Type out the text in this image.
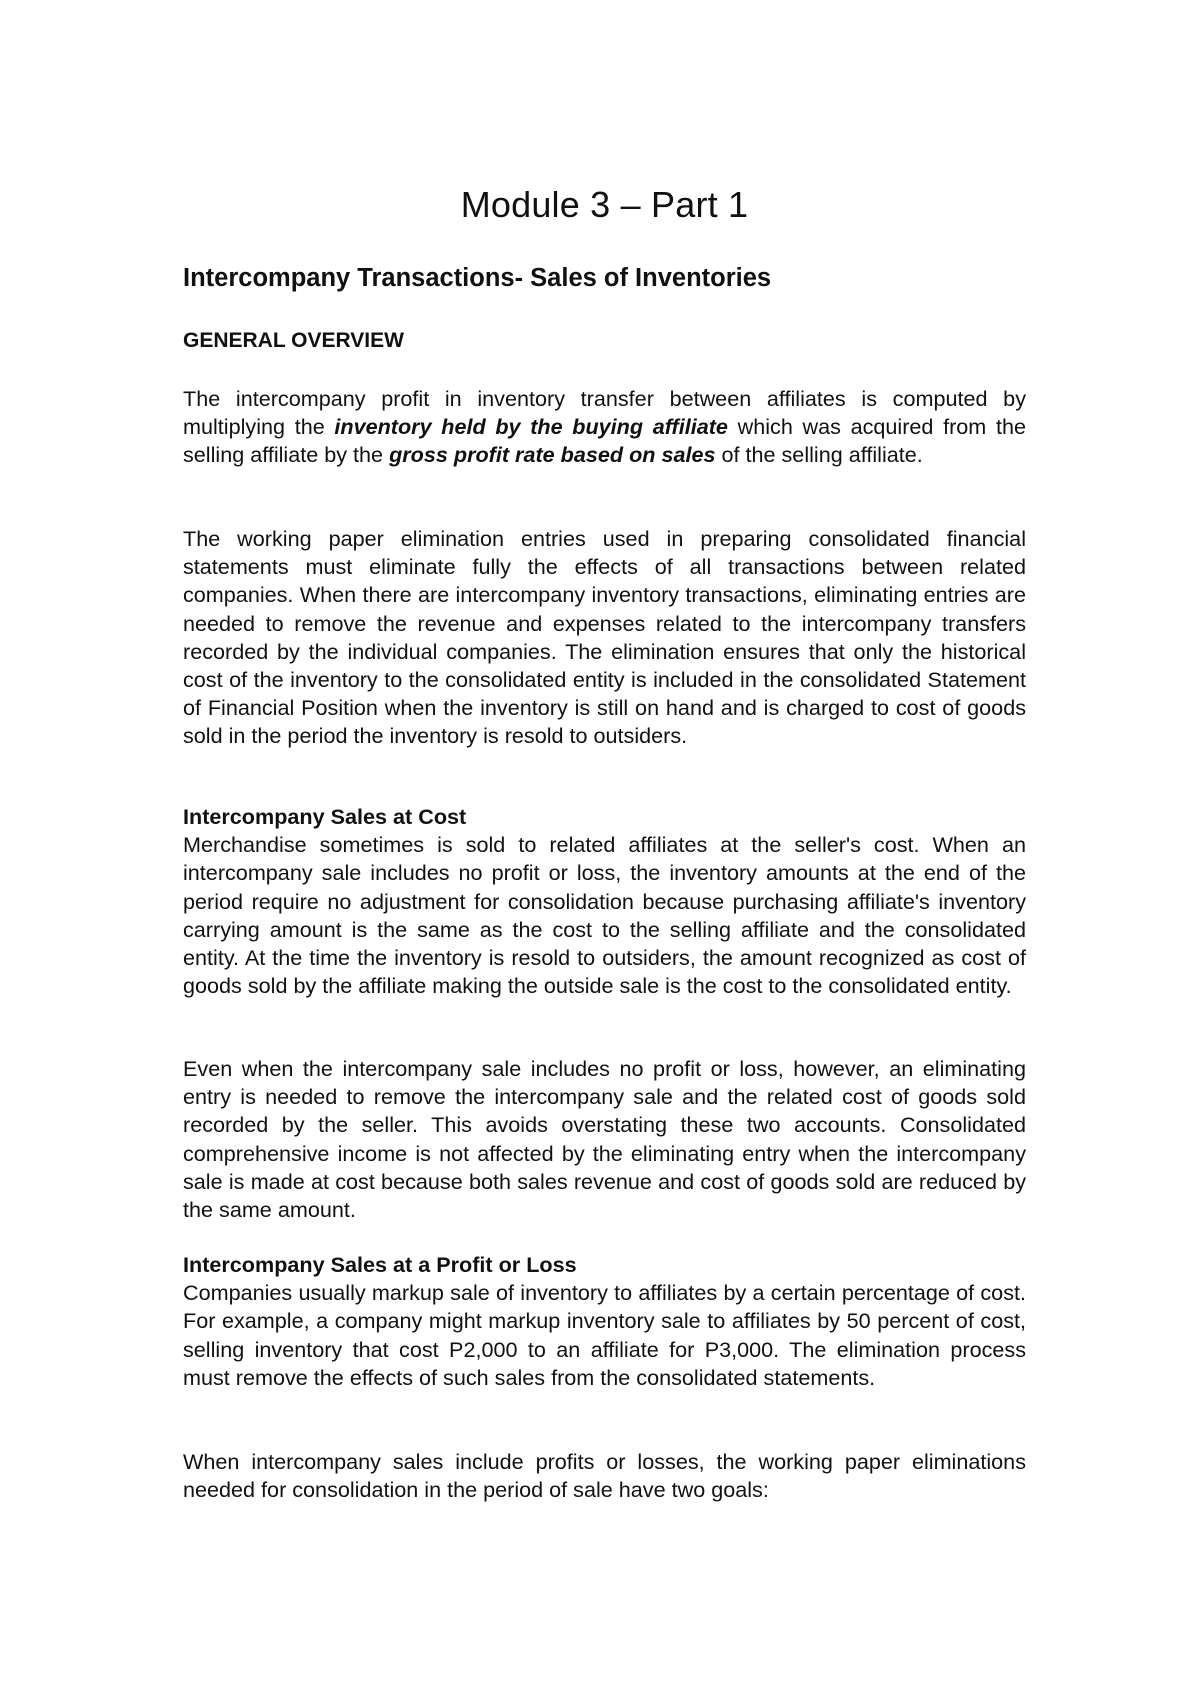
Module 3 – Part 1
Intercompany Transactions- Sales of Inventories
GENERAL OVERVIEW

The intercompany profit in inventory transfer between affiliates is computed by multiplying the inventory held by the buying affiliate which was acquired from the selling affiliate by the gross profit rate based on sales of the selling affiliate.

The working paper elimination entries used in preparing consolidated financial statements must eliminate fully the effects of all transactions between related companies. When there are intercompany inventory transactions, eliminating entries are needed to remove the revenue and expenses related to the intercompany transfers recorded by the individual companies. The elimination ensures that only the historical cost of the inventory to the consolidated entity is included in the consolidated Statement of Financial Position when the inventory is still on hand and is charged to cost of goods sold in the period the inventory is resold to outsiders.

Intercompany Sales at Cost
Merchandise sometimes is sold to related affiliates at the seller's cost. When an intercompany sale includes no profit or loss, the inventory amounts at the end of the period require no adjustment for consolidation because purchasing affiliate's inventory carrying amount is the same as the cost to the selling affiliate and the consolidated entity. At the time the inventory is resold to outsiders, the amount recognized as cost of goods sold by the affiliate making the outside sale is the cost to the consolidated entity.

Even when the intercompany sale includes no profit or loss, however, an eliminating entry is needed to remove the intercompany sale and the related cost of goods sold recorded by the seller. This avoids overstating these two accounts. Consolidated comprehensive income is not affected by the eliminating entry when the intercompany sale is made at cost because both sales revenue and cost of goods sold are reduced by the same amount.

Intercompany Sales at a Profit or Loss
Companies usually markup sale of inventory to affiliates by a certain percentage of cost. For example, a company might markup inventory sale to affiliates by 50 percent of cost, selling inventory that cost P2,000 to an affiliate for P3,000. The elimination process must remove the effects of such sales from the consolidated statements.

When intercompany sales include profits or losses, the working paper eliminations needed for consolidation in the period of sale have two goals:
